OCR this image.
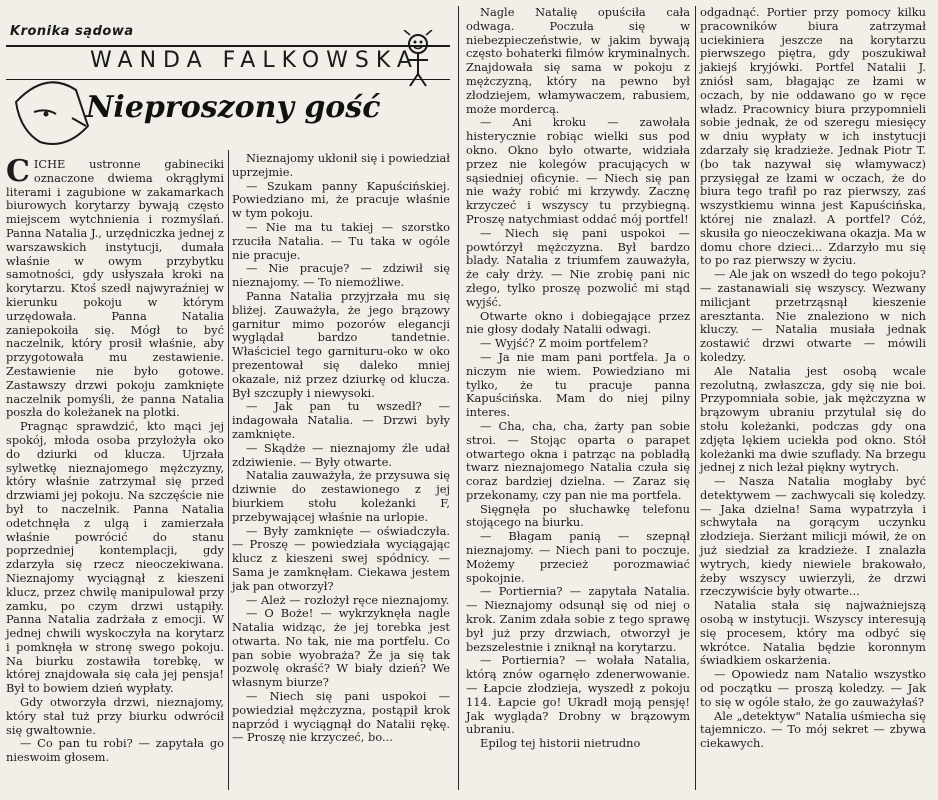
Kronika sądowa
WANDA FALKOWSKA
Nieproszony gość

CICHE ustronne gabineciki oznaczone dwiema okrągłymi literami i zagubione w zakamarkach biurowych korytarzy bywają często miejscem wytchnienia i rozmyślań. Panna Natalia J., urzędniczka jednej z warszawskich instytucji, dumała właśnie w owym przybytku samotności, gdy usłyszała kroki na korytarzu. Ktoś szedł najwyraźniej w kierunku pokoju w którym urzędowała. Panna Natalia zaniepokoiła się. Mógł to być naczelnik, który prosił właśnie, aby przygotowała mu zestawienie. Zestawienie nie było gotowe. Zastawszy drzwi pokoju zamknięte naczelnik pomyśli, że panna Natalia poszła do koleżanek na plotki.

Pragnąc sprawdzić, kto mąci jej spokój, młoda osoba przyłożyła oko do dziurki od klucza. Ujrzała sylwetkę nieznajomego mężczyzny, który właśnie zatrzymał się przed drzwiami jej pokoju. Na szczęście nie był to naczelnik. Panna Natalia odetchnęła z ulgą i zamierzała właśnie powrócić do stanu poprzedniej kontemplacji, gdy zdarzyła się rzecz nieoczekiwana. Nieznajomy wyciągnął z kieszeni klucz, przez chwilę manipulował przy zamku, po czym drzwi ustąpiły. Panna Natalia zadrżała z emocji. W jednej chwili wyskoczyła na korytarz i pomknęła w stronę swego pokoju. Na biurku zostawiła torebkę, w której znajdowała się cała jej pensja! Był to bowiem dzień wypłaty.

Gdy otworzyła drzwi, nieznajomy, który stał tuż przy biurku odwrócił się gwałtownie.

— Co pan tu robi? — zapytała go nieswoim głosem.

Nieznajomy ukłonił się i powiedział uprzejmie.

— Szukam panny Kapuścińskiej. Powiedziano mi, że pracuje właśnie w tym pokoju.

— Nie ma tu takiej — szorstko rzuciła Natalia. — Tu taka w ogóle nie pracuje.

— Nie pracuje? — zdziwił się nieznajomy. — To niemożliwe.

Panna Natalia przyjrzała mu się bliżej. Zauważyła, że jego brązowy garnitur mimo pozorów elegancji wyglądał bardzo tandetnie. Właściciel tego garnituru-oko w oko prezentował się daleko mniej okazale, niż przez dziurkę od klucza. Był szczupły i niewysoki.

— Jak pan tu wszedł? — indagowała Natalia. — Drzwi były zamknięte.

— Skądże — nieznajomy źle udał zdziwienie. — Były otwarte.

Natalia zauważyła, że przysuwa się dziwnie do zestawionego z jej biurkiem stołu koleżanki F, przebywającej właśnie na urlopie.

— Były zamknięte — oświadczyła. — Proszę — powiedziała wyciągając klucz z kieszeni swej spódnicy. — Sama je zamknęłam. Ciekawa jestem jak pan otworzył?

— Ależ — rozłożył ręce nieznajomy.

— O Boże! — wykrzyknęła nagle Natalia widząc, że jej torebka jest otwarta. No tak, nie ma portfelu. Co pan sobie wyobraża? Że ja się tak pozwolę okraść? W biały dzień? We własnym biurze?

— Niech się pani uspokoi — powiedział mężczyzna, postąpił krok naprzód i wyciągnął do Natalii rękę. — Proszę nie krzyczeć, bo...

Nagle Natalię opuściła cała odwaga. Poczuła się w niebezpieczeństwie, w jakim bywają często bohaterki filmów kryminalnych. Znajdowała się sama w pokoju z mężczyzną, który na pewno był złodziejem, włamywaczem, rabusiem, może mordercą.

— Ani kroku — zawołała histerycznie robiąc wielki sus pod okno. Okno było otwarte, widziała przez nie kolegów pracujących w sąsiedniej oficynie. — Niech się pan nie waży robić mi krzywdy. Zacznę krzyczeć i wszyscy tu przybiegną. Proszę natychmiast oddać mój portfel!

— Niech się pani uspokoi — powtórzył mężczyzna. Był bardzo blady. Natalia z triumfem zauważyła, że cały drży. — Nie zrobię pani nic złego, tylko proszę pozwolić mi stąd wyjść.

Otwarte okno i dobiegające przez nie głosy dodały Natalii odwagi.

— Wyjść? Z moim portfelem?

— Ja nie mam pani portfela. Ja o niczym nie wiem. Powiedziano mi tylko, że tu pracuje panna Kapuścińska. Mam do niej pilny interes.

— Cha, cha, cha, żarty pan sobie stroi. — Stojąc oparta o parapet otwartego okna i patrząc na pobladłą twarz nieznajomego Natalia czuła się coraz bardziej dzielna. — Zaraz się przekonamy, czy pan nie ma portfela.

Sięgnęła po słuchawkę telefonu stojącego na biurku.

— Błagam panią — szepnął nieznajomy. — Niech pani to poczuje. Możemy przecież porozmawiać spokojnie.

— Portiernia? — zapytała Natalia. — Nieznajomy odsunął się od niej o krok. Zanim zdała sobie z tego sprawę był już przy drzwiach, otworzył je bezszelestnie i zniknął na korytarzu.

— Portiernia? — wołała Natalia, którą znów ogarnęło zdenerwowanie. — Łapcie złodzieja, wyszedł z pokoju 114. Łapcie go! Ukradł moją pensję! Jak wygląda? Drobny w brązowym ubraniu.

Epilog tej historii nietrudno

odgadnąć. Portier przy pomocy kilku pracowników biura zatrzymał uciekiniera jeszcze na korytarzu pierwszego piętra, gdy poszukiwał jakiejś kryjówki. Portfel Natalii J. zniósł sam, błagając ze łzami w oczach, by nie oddawano go w ręce władz. Pracownicy biura przypomnieli sobie jednak, że od szeregu miesięcy w dniu wypłaty w ich instytucji zdarzały się kradzieże. Jednak Piotr T. (bo tak nazywał się włamywacz) przysięgał ze łzami w oczach, że do biura tego trafił po raz pierwszy, zaś wszystkiemu winna jest Kapuścińska, której nie znalazł. A portfel? Cóż, skusiła go nieoczekiwana okazja. Ma w domu chore dzieci... Zdarzyło mu się to po raz pierwszy w życiu.

— Ale jak on wszedł do tego pokoju? — zastanawiali się wszyscy. Wezwany milicjant przetrząsnął kieszenie aresztanta. Nie znaleziono w nich kluczy. — Natalia musiała jednak zostawić drzwi otwarte — mówili koledzy.

Ale Natalia jest osobą wcale rezolutną, zwłaszcza, gdy się nie boi. Przypomniała sobie, jak mężczyzna w brązowym ubraniu przytulał się do stołu koleżanki, podczas gdy ona zdjęta lękiem uciekła pod okno. Stół koleżanki ma dwie szuflady. Na brzegu jednej z nich leżał piękny wytrych.

— Nasza Natalia mogłaby być detektywem — zachwycali się koledzy. — Jaka dzielna! Sama wypatrzyła i schwytała na gorącym uczynku złodzieja. Sierżant milicji mówił, że on już siedział za kradzieże. I znalazła wytrych, kiedy niewiele brakowało, żeby wszyscy uwierzyli, że drzwi rzeczywiście były otwarte...

Natalia stała się najważniejszą osobą w instytucji. Wszyscy interesują się procesem, który ma odbyć się wkrótce. Natalia będzie koronnym świadkiem oskarżenia.

— Opowiedz nam Natalio wszystko od początku — proszą koledzy. — Jak to się w ogóle stało, że go zauważyłaś?

Ale „detektyw" Natalia uśmiecha się tajemniczo. — To mój sekret — zbywa ciekawych.
